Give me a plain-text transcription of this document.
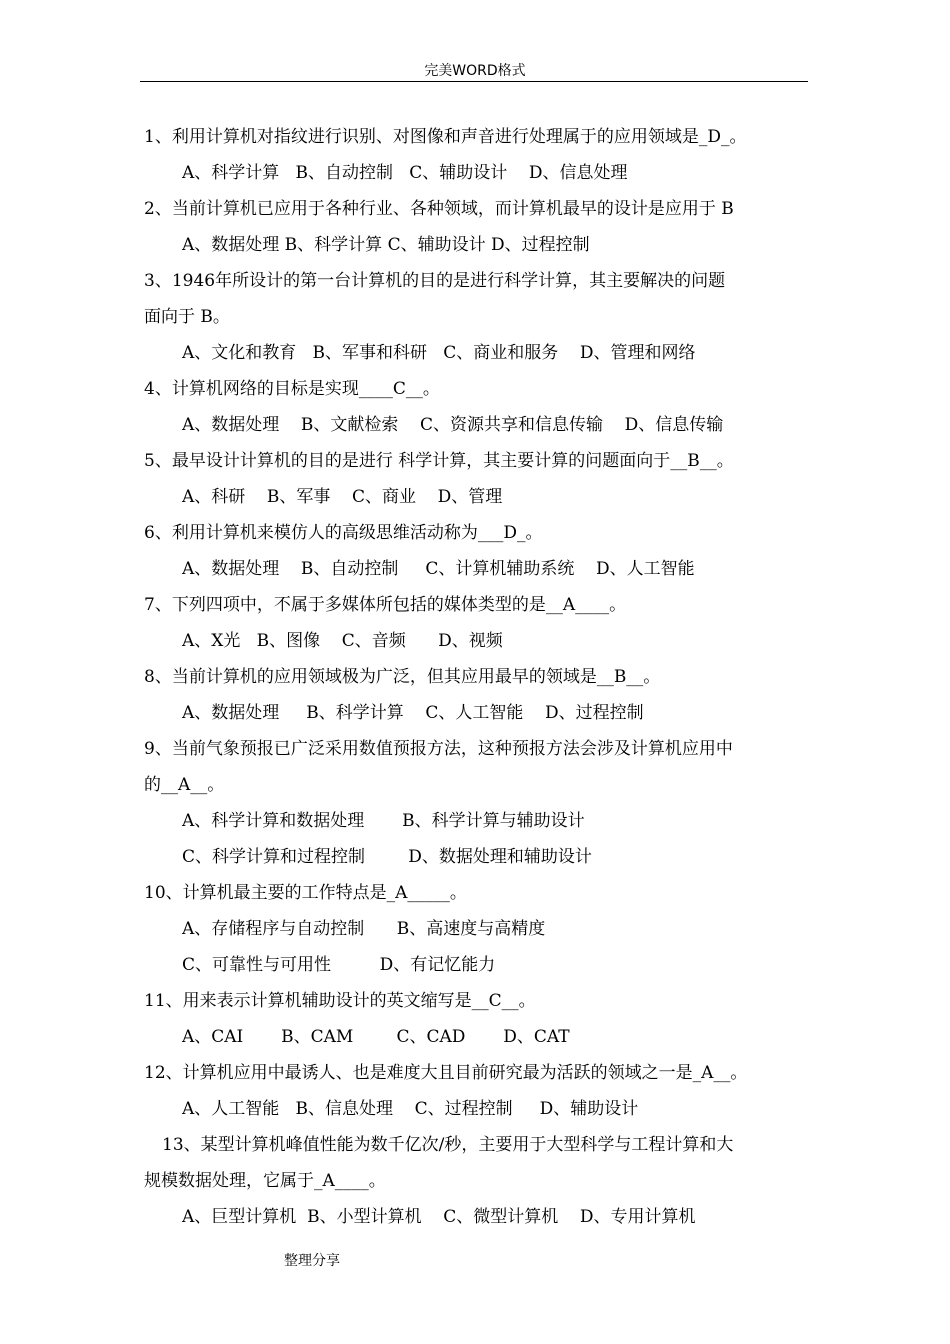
完美WORD格式
1、利用计算机对指纹进行识别、对图像和声音进行处理属于的应用领域是_D_。
A、科学计算   B、自动控制   C、辅助设计    D、信息处理
2、当前计算机已应用于各种行业、各种领域，而计算机最早的设计是应用于 B
A、数据处理 B、科学计算 C、辅助设计 D、过程控制
3、1946年所设计的第一台计算机的目的是进行科学计算，其主要解决的问题
面向于 B。
A、文化和教育   B、军事和科研   C、商业和服务    D、管理和网络
4、计算机网络的目标是实现____C__。
A、数据处理    B、文献检索    C、资源共享和信息传输    D、信息传输
5、最早设计计算机的目的是进行 科学计算，其主要计算的问题面向于__B__。
A、科研    B、军事    C、商业    D、管理
6、利用计算机来模仿人的高级思维活动称为___D_。
A、数据处理    B、自动控制     C、计算机辅助系统    D、人工智能
7、下列四项中，不属于多媒体所包括的媒体类型的是__A____。
A、X光   B、图像    C、音频      D、视频
8、当前计算机的应用领域极为广泛，但其应用最早的领域是__B__。
A、数据处理     B、科学计算    C、人工智能    D、过程控制
9、当前气象预报已广泛采用数值预报方法，这种预报方法会涉及计算机应用中
的__A__。
A、科学计算和数据处理       B、科学计算与辅助设计
C、科学计算和过程控制        D、数据处理和辅助设计
10、计算机最主要的工作特点是_A_____。
A、存储程序与自动控制      B、高速度与高精度
C、可靠性与可用性         D、有记忆能力
11、用来表示计算机辅助设计的英文缩写是__C__。
A、CAI       B、CAM        C、CAD       D、CAT
12、计算机应用中最诱人、也是难度大且目前研究最为活跃的领域之一是_A__。
A、人工智能   B、信息处理    C、过程控制     D、辅助设计
13、某型计算机峰值性能为数千亿次/秒，主要用于大型科学与工程计算和大
规模数据处理，它属于_A____。
A、巨型计算机  B、小型计算机    C、微型计算机    D、专用计算机
整理分享
